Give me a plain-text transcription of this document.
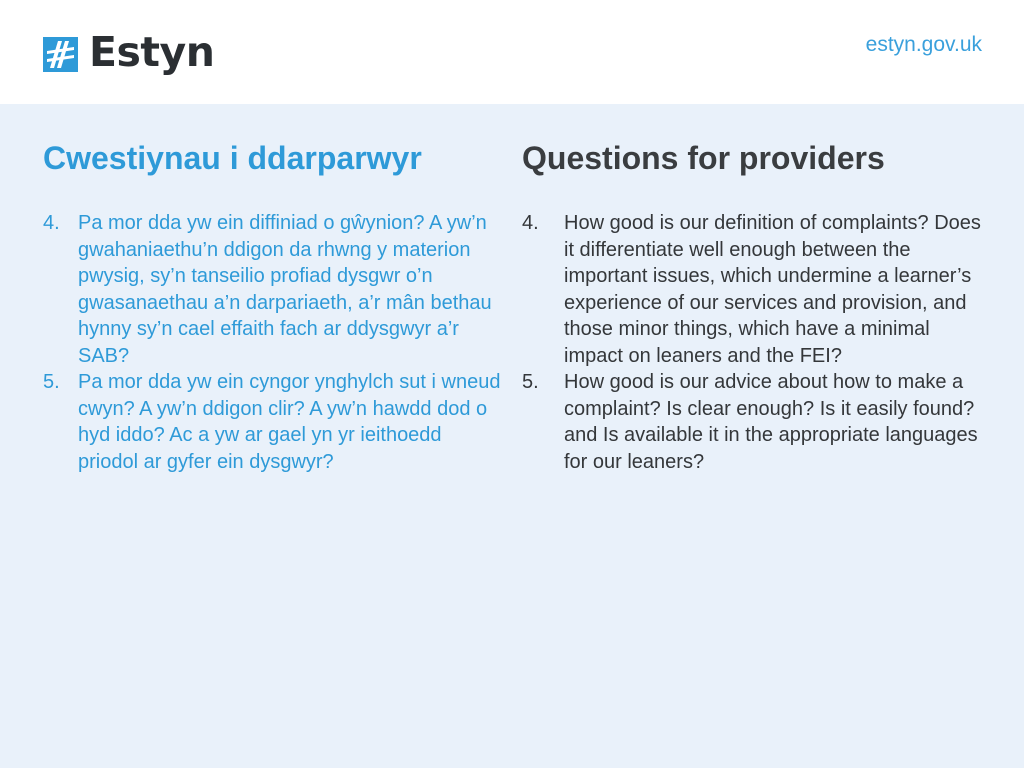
Estyn	estyn.gov.uk
Cwestiynau i ddarparwyr
4. Pa mor dda yw ein diffiniad o gŵynion? A yw’n gwahaniaethu’n ddigon da rhwng y materion pwysig, sy’n tanseilio profiad dysgwr o’n gwasanaethau a’n darpariaeth, a’r mân bethau hynny sy’n cael effaith fach ar ddysgwyr a’r SAB?
5. Pa mor dda yw ein cyngor ynghylch sut i wneud cwyn? A yw’n ddigon clir? A yw’n hawdd dod o hyd iddo? Ac a yw ar gael yn yr ieithoedd priodol ar gyfer ein dysgwyr?
Questions for providers
4. How good is our definition of complaints? Does it differentiate well enough between the important issues, which undermine a learner’s experience of our services and provision, and those minor things, which have a minimal impact on leaners and the FEI?
5. How good is our advice about how to make a complaint? Is clear enough? Is it easily found? and Is available it in the appropriate languages for our leaners?
